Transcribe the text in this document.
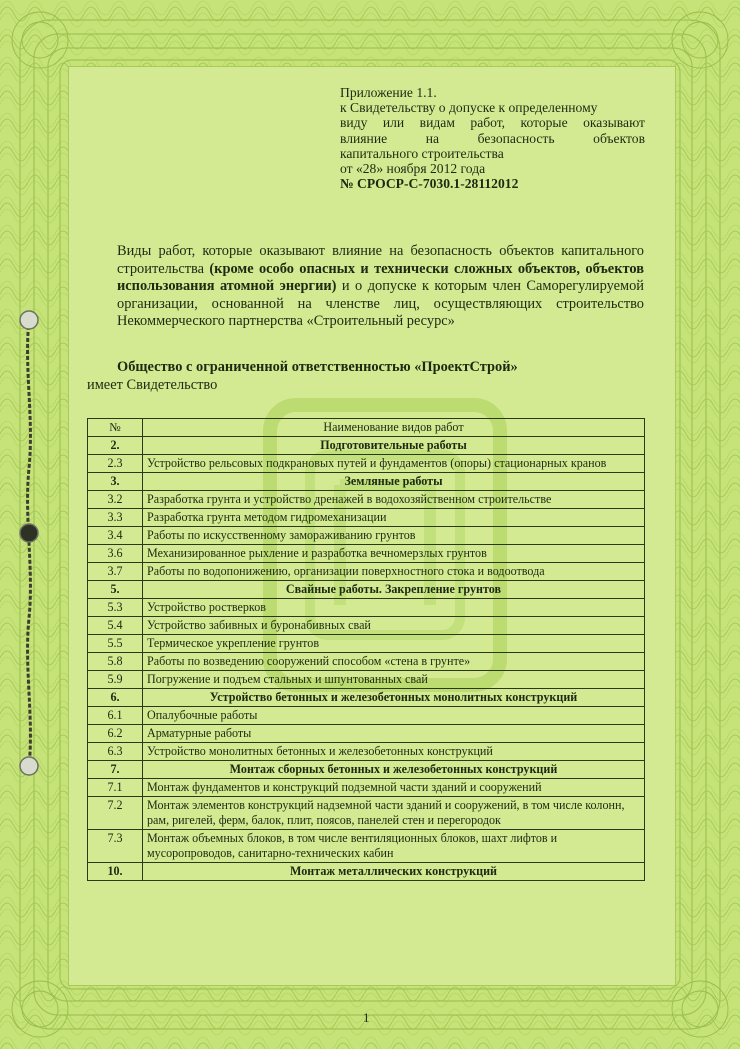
Приложение 1.1.
к Свидетельству о допуске к определенному
виду или видам работ, которые оказывают
влияние на безопасность объектов
капитального строительства
от «28» ноября 2012 года
№ СРОСР-С-7030.1-28112012
Виды работ, которые оказывают влияние на безопасность объектов капитального строительства (кроме особо опасных и технически сложных объектов, объектов использования атомной энергии) и о допуске к которым член Саморегулируемой организации, основанной на членстве лиц, осуществляющих строительство Некоммерческого партнерства «Строительный ресурс»
Общество с ограниченной ответственностью «ПроектСтрой»
имеет Свидетельство
№	Наименование видов работ
2.	Подготовительные работы
2.3	Устройство рельсовых подкрановых путей и фундаментов (опоры) стационарных кранов
3.	Земляные работы
3.2	Разработка грунта и устройство дренажей в водохозяйственном строительстве
3.3	Разработка грунта методом гидромеханизации
3.4	Работы по искусственному замораживанию грунтов
3.6	Механизированное рыхление и разработка вечномерзлых грунтов
3.7	Работы по водопонижению, организации поверхностного стока и водоотвода
5.	Свайные работы. Закрепление грунтов
5.3	Устройство ростверков
5.4	Устройство забивных и буронабивных свай
5.5	Термическое укрепление грунтов
5.8	Работы по возведению сооружений способом «стена в грунте»
5.9	Погружение и подъем стальных и шпунтованных свай
6.	Устройство бетонных и железобетонных монолитных конструкций
6.1	Опалубочные работы
6.2	Арматурные работы
6.3	Устройство монолитных бетонных и железобетонных конструкций
7.	Монтаж сборных бетонных и железобетонных конструкций
7.1	Монтаж фундаментов и конструкций подземной части зданий и сооружений
7.2	Монтаж элементов конструкций надземной части зданий и сооружений, в том числе колонн, рам, ригелей, ферм, балок, плит, поясов, панелей стен и перегородок
7.3	Монтаж объемных блоков, в том числе вентиляционных блоков, шахт лифтов и мусоропроводов, санитарно-технических кабин
10.	Монтаж металлических конструкций
1
